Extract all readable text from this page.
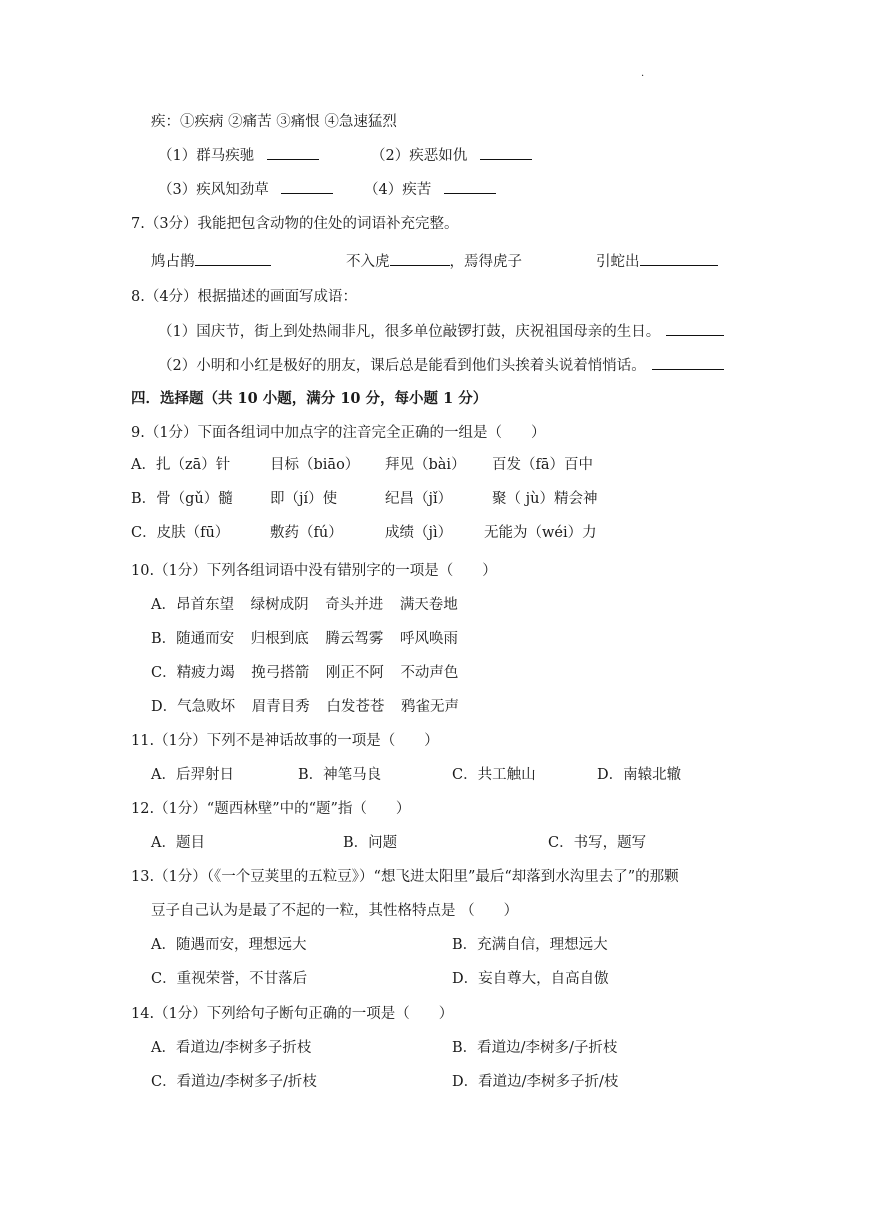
.
疾：①疾病 ②痛苦 ③痛恨 ④急速猛烈
（1）群马疾驰	（2）疾恶如仇
（3）疾风知劲草	（4）疾苦
7.（3分）我能把包含动物的住处的词语补充完整。
鸠占鹊	不入虎	，焉得虎子	引蛇出
8.（4分）根据描述的画面写成语：
（1）国庆节，街上到处热闹非凡，很多单位敲锣打鼓，庆祝祖国母亲的生日。
（2）小明和小红是极好的朋友，课后总是能看到他们头挨着头说着悄悄话。
四．选择题（共 10 小题，满分 10 分，每小题 1 分）
9.（1分）下面各组词中加点字的注音完全正确的一组是（　　）
A．扎（zā）针	目标（biāo） 拜见（bài） 百发（fā）百中
B．骨（gǔ）髓	即（jí）使	纪昌（jǐ）	聚（ jù）精会神
C．皮肤（fū）	敷药（fú）	成绩（jì） 无能为（wéi）力
10.（1分）下列各组词语中没有错别字的一项是（　　）
A．昂首东望 绿树成阴 奇头并进 满天卷地
B．随通而安 归根到底 腾云驾雾 呼风唤雨
C．精疲力竭 挽弓搭箭 刚正不阿 不动声色
D．气急败坏 眉青目秀 白发苍苍 鸦雀无声
11.（1分）下列不是神话故事的一项是（　　）
A．后羿射日	B．神笔马良	C．共工触山	D．南辕北辙
12.（1分）“题西林壁”中的“题”指（　　）
A．题目	B．问题	C．书写，题写
13.（1分）（《一个豆荚里的五粒豆》）“想飞进太阳里”最后“却落到水沟里去了”的那颗
豆子自己认为是最了不起的一粒，其性格特点是 （　　）
A．随遇而安，理想远大	B．充满自信，理想远大
C．重视荣誉，不甘落后	D．妄自尊大，自高自傲
14.（1分）下列给句子断句正确的一项是（　　）
A．看道边/李树多子折枝	B．看道边/李树多/子折枝
C．看道边/李树多子/折枝	D．看道边/李树多子折/枝
